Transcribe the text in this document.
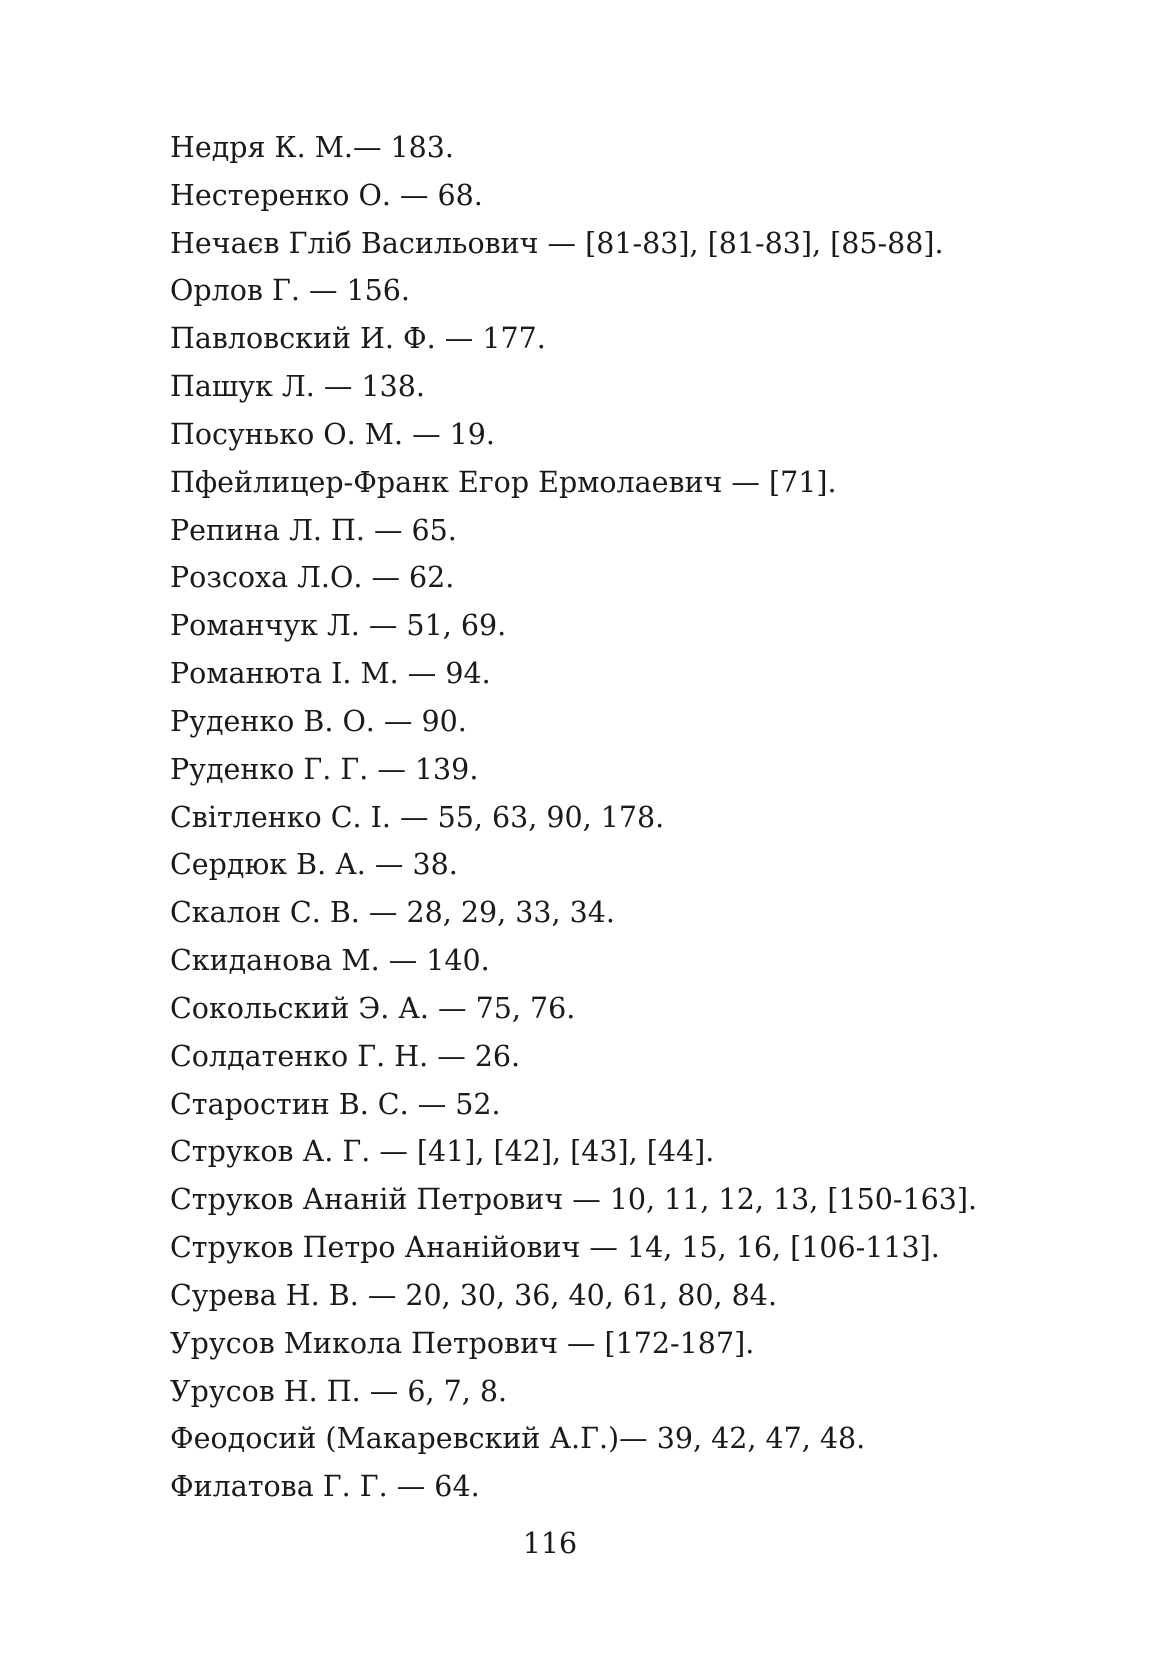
Недря К. М.— 183.
Нестеренко О. — 68.
Нечаєв Гліб Васильович — [81-83], [81-83], [85-88].
Орлов Г. — 156.
Павловский И. Ф. — 177.
Пашук Л. — 138.
Посунько О. М. — 19.
Пфейлицер-Франк Егор Ермолаевич — [71].
Репина Л. П. — 65.
Розсоха Л.О. — 62.
Романчук Л. — 51, 69.
Романюта І. М. — 94.
Руденко В. О. — 90.
Руденко Г. Г. — 139.
Світленко С. І. — 55, 63, 90, 178.
Сердюк В. А. — 38.
Скалон С. В. — 28, 29, 33, 34.
Скиданова М. — 140.
Сокольский Э. А. — 75, 76.
Солдатенко Г. Н. — 26.
Старостин В. С. — 52.
Струков А. Г. — [41], [42], [43], [44].
Струков Ананій Петрович — 10, 11, 12, 13, [150-163].
Струков Петро Ананійович — 14, 15, 16, [106-113].
Сурева Н. В. — 20, 30, 36, 40, 61, 80, 84.
Урусов Микола Петрович — [172-187].
Урусов Н. П. — 6, 7, 8.
Феодосий (Макаревский А.Г.)— 39, 42, 47, 48.
Филатова Г. Г. — 64.
116
